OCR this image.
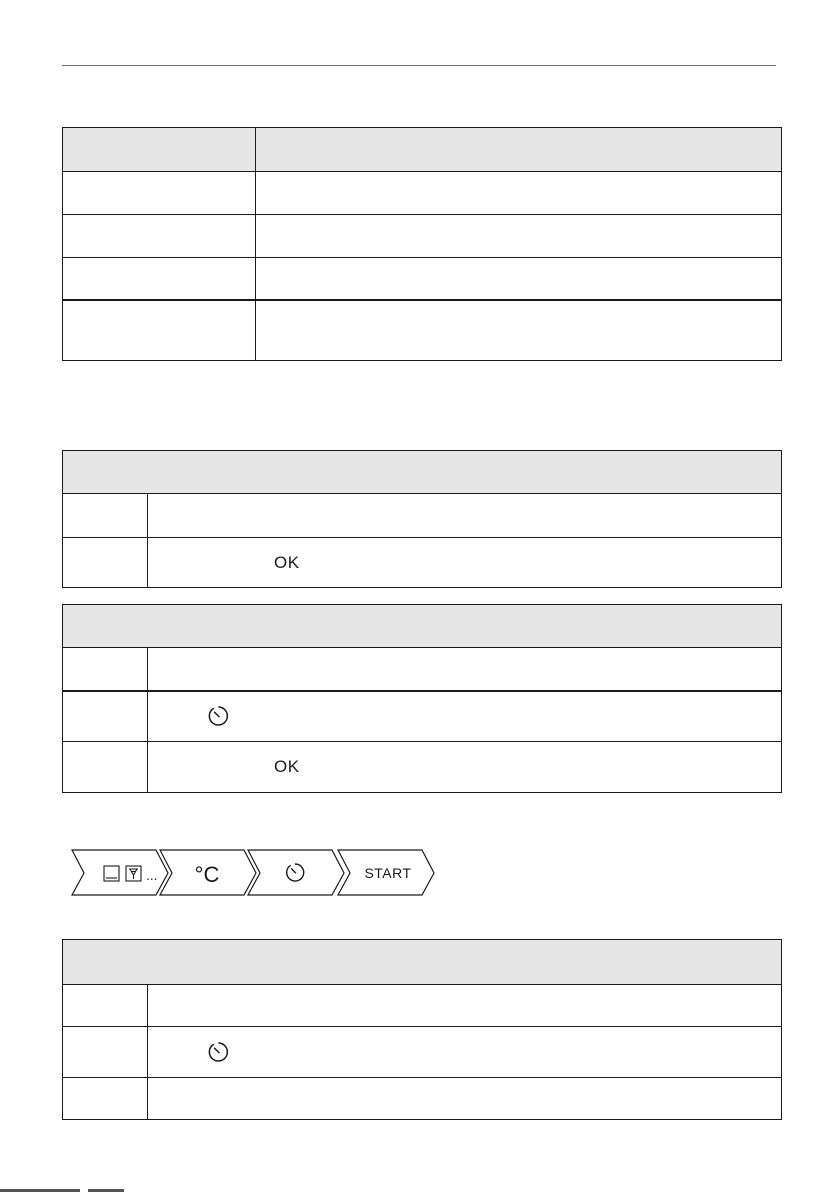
	OK

	OK
... °C	START
